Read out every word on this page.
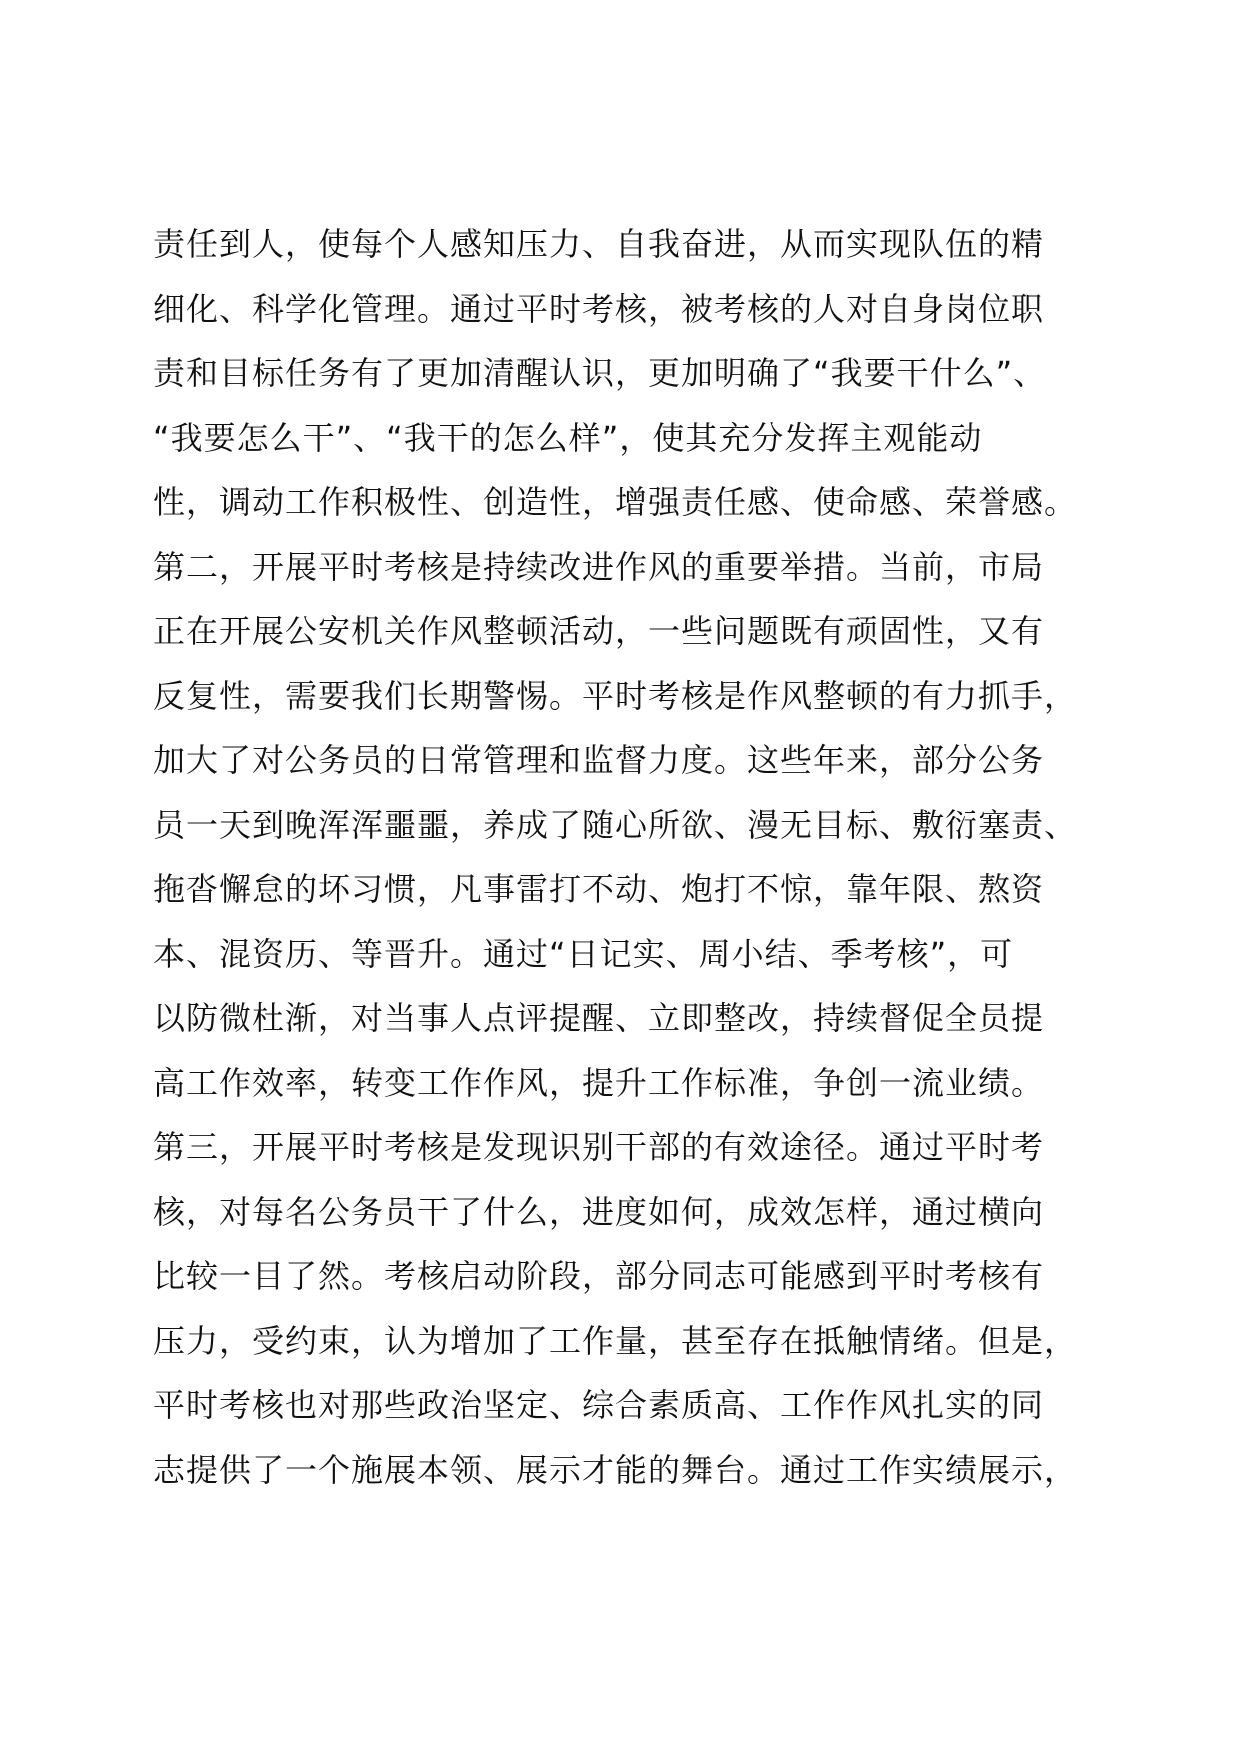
责任到人，使每个人感知压力、自我奋进，从而实现队伍的精
细化、科学化管理。通过平时考核，被考核的人对自身岗位职
责和目标任务有了更加清醒认识，更加明确了“我要干什么”、
“我要怎么干”、“我干的怎么样”，使其充分发挥主观能动
性，调动工作积极性、创造性，增强责任感、使命感、荣誉感。
第二，开展平时考核是持续改进作风的重要举措。当前，市局
正在开展公安机关作风整顿活动，一些问题既有顽固性，又有
反复性，需要我们长期警惕。平时考核是作风整顿的有力抓手，
加大了对公务员的日常管理和监督力度。这些年来，部分公务
员一天到晚浑浑噩噩，养成了随心所欲、漫无目标、敷衍塞责、
拖沓懈怠的坏习惯，凡事雷打不动、炮打不惊，靠年限、熬资
本、混资历、等晋升。通过“日记实、周小结、季考核”，可
以防微杜渐，对当事人点评提醒、立即整改，持续督促全员提
高工作效率，转变工作作风，提升工作标准，争创一流业绩。
第三，开展平时考核是发现识别干部的有效途径。通过平时考
核，对每名公务员干了什么，进度如何，成效怎样，通过横向
比较一目了然。考核启动阶段，部分同志可能感到平时考核有
压力，受约束，认为增加了工作量，甚至存在抵触情绪。但是，
平时考核也对那些政治坚定、综合素质高、工作作风扎实的同
志提供了一个施展本领、展示才能的舞台。通过工作实绩展示，
